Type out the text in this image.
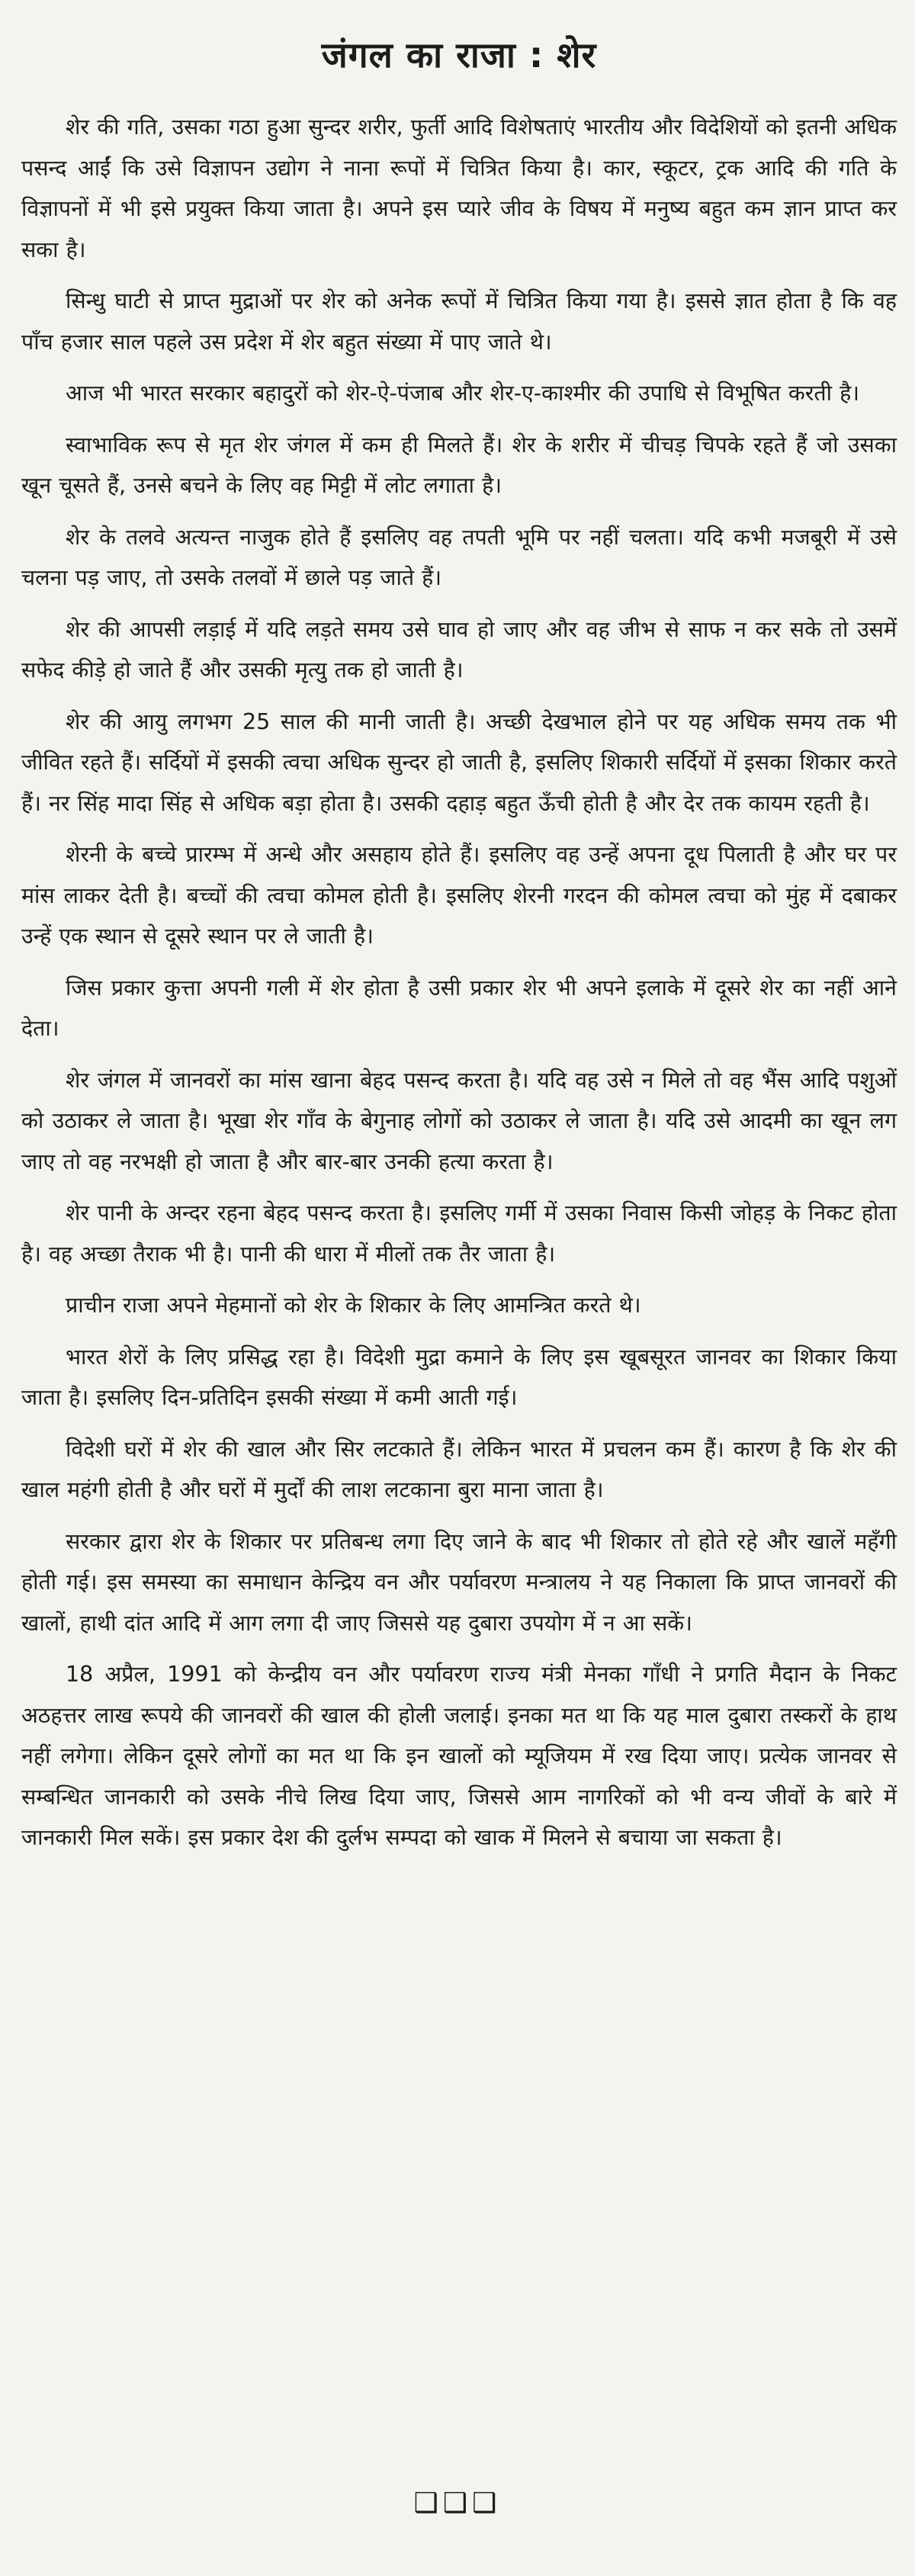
जंगल का राजा : शेर

शेर की गति, उसका गठा हुआ सुन्दर शरीर, फुर्ती आदि विशेषताएं भारतीय और विदेशियों को इतनी अधिक पसन्द आईं कि उसे विज्ञापन उद्योग ने नाना रूपों में चित्रित किया है। कार, स्कूटर, ट्रक आदि की गति के विज्ञापनों में भी इसे प्रयुक्त किया जाता है। अपने इस प्यारे जीव के विषय में मनुष्य बहुत कम ज्ञान प्राप्त कर सका है।

सिन्धु घाटी से प्राप्त मुद्राओं पर शेर को अनेक रूपों में चित्रित किया गया है। इससे ज्ञात होता है कि वह पाँच हजार साल पहले उस प्रदेश में शेर बहुत संख्या में पाए जाते थे।

आज भी भारत सरकार बहादुरों को शेर-ऐ-पंजाब और शेर-ए-काश्मीर की उपाधि से विभूषित करती है।

स्वाभाविक रूप से मृत शेर जंगल में कम ही मिलते हैं। शेर के शरीर में चीचड़ चिपके रहते हैं जो उसका खून चूसते हैं, उनसे बचने के लिए वह मिट्टी में लोट लगाता है।

शेर के तलवे अत्यन्त नाजुक होते हैं इसलिए वह तपती भूमि पर नहीं चलता। यदि कभी मजबूरी में उसे चलना पड़ जाए, तो उसके तलवों में छाले पड़ जाते हैं।

शेर की आपसी लड़ाई में यदि लड़ते समय उसे घाव हो जाए और वह जीभ से साफ न कर सके तो उसमें सफेद कीड़े हो जाते हैं और उसकी मृत्यु तक हो जाती है।

शेर की आयु लगभग 25 साल की मानी जाती है। अच्छी देखभाल होने पर यह अधिक समय तक भी जीवित रहते हैं। सर्दियों में इसकी त्वचा अधिक सुन्दर हो जाती है, इसलिए शिकारी सर्दियों में इसका शिकार करते हैं। नर सिंह मादा सिंह से अधिक बड़ा होता है। उसकी दहाड़ बहुत ऊँची होती है और देर तक कायम रहती है।

शेरनी के बच्चे प्रारम्भ में अन्धे और असहाय होते हैं। इसलिए वह उन्हें अपना दूध पिलाती है और घर पर मांस लाकर देती है। बच्चों की त्वचा कोमल होती है। इसलिए शेरनी गरदन की कोमल त्वचा को मुंह में दबाकर उन्हें एक स्थान से दूसरे स्थान पर ले जाती है।

जिस प्रकार कुत्ता अपनी गली में शेर होता है उसी प्रकार शेर भी अपने इलाके में दूसरे शेर का नहीं आने देता।

शेर जंगल में जानवरों का मांस खाना बेहद पसन्द करता है। यदि वह उसे न मिले तो वह भैंस आदि पशुओं को उठाकर ले जाता है। भूखा शेर गाँव के बेगुनाह लोगों को उठाकर ले जाता है। यदि उसे आदमी का खून लग जाए तो वह नरभक्षी हो जाता है और बार-बार उनकी हत्या करता है।

शेर पानी के अन्दर रहना बेहद पसन्द करता है। इसलिए गर्मी में उसका निवास किसी जोहड़ के निकट होता है। वह अच्छा तैराक भी है। पानी की धारा में मीलों तक तैर जाता है।

प्राचीन राजा अपने मेहमानों को शेर के शिकार के लिए आमन्त्रित करते थे।

भारत शेरों के लिए प्रसिद्ध रहा है। विदेशी मुद्रा कमाने के लिए इस खूबसूरत जानवर का शिकार किया जाता है। इसलिए दिन-प्रतिदिन इसकी संख्या में कमी आती गई।

विदेशी घरों में शेर की खाल और सिर लटकाते हैं। लेकिन भारत में प्रचलन कम हैं। कारण है कि शेर की खाल महंगी होती है और घरों में मुर्दों की लाश लटकाना बुरा माना जाता है।

सरकार द्वारा शेर के शिकार पर प्रतिबन्ध लगा दिए जाने के बाद भी शिकार तो होते रहे और खालें महँगी होती गई। इस समस्या का समाधान केन्द्रिय वन और पर्यावरण मन्त्रालय ने यह निकाला कि प्राप्त जानवरों की खालों, हाथी दांत आदि में आग लगा दी जाए जिससे यह दुबारा उपयोग में न आ सकें।

18 अप्रैल, 1991 को केन्द्रीय वन और पर्यावरण राज्य मंत्री मेनका गाँधी ने प्रगति मैदान के निकट अठहत्तर लाख रूपये की जानवरों की खाल की होली जलाई। इनका मत था कि यह माल दुबारा तस्करों के हाथ नहीं लगेगा। लेकिन दूसरे लोगों का मत था कि इन खालों को म्यूजियम में रख दिया जाए। प्रत्येक जानवर से सम्बन्धित जानकारी को उसके नीचे लिख दिया जाए, जिससे आम नागरिकों को भी वन्य जीवों के बारे में जानकारी मिल सकें। इस प्रकार देश की दुर्लभ सम्पदा को खाक में मिलने से बचाया जा सकता है।

❑❑❑
